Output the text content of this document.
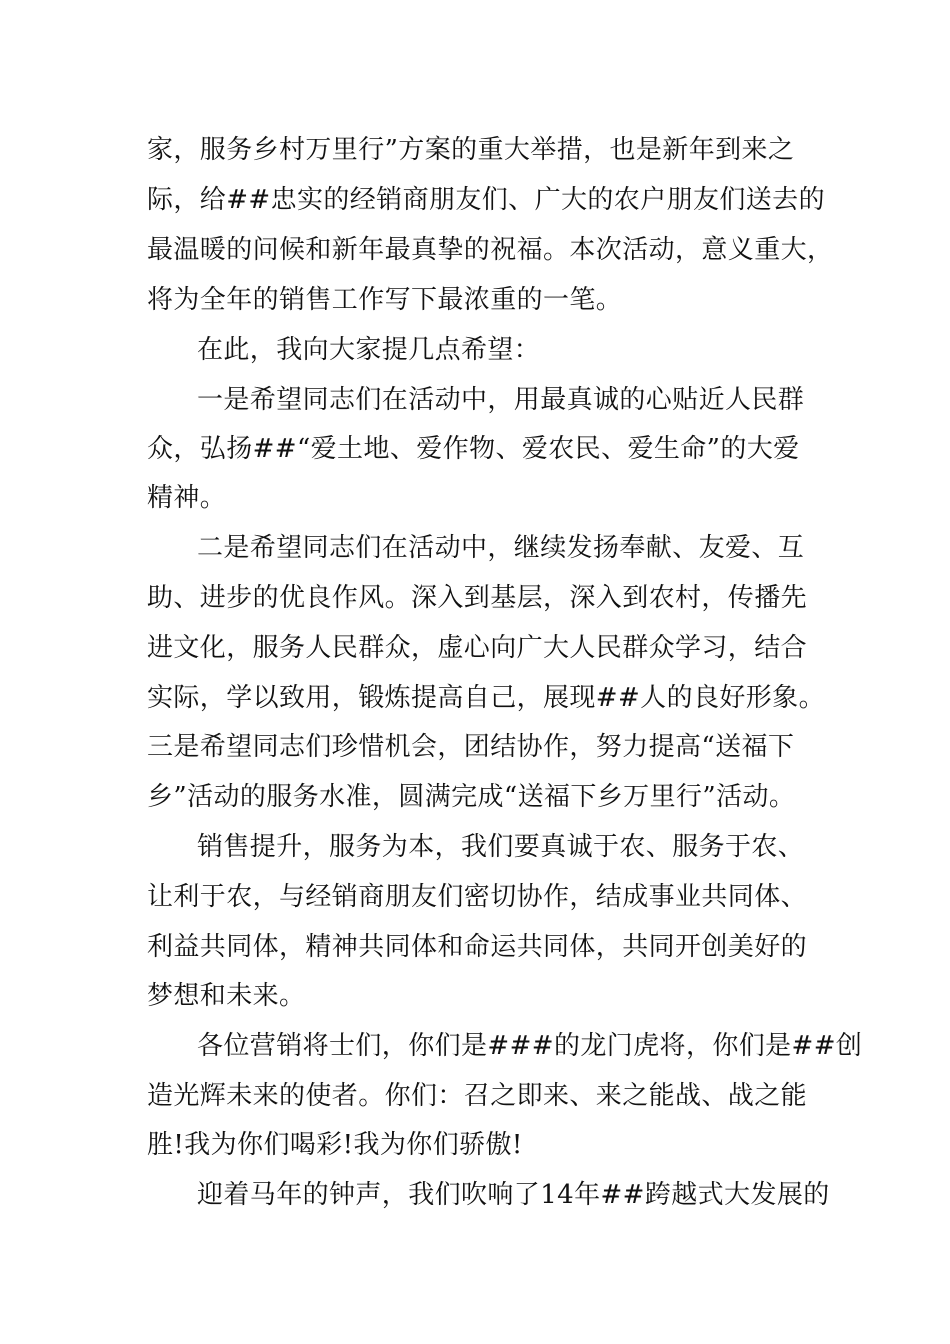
家，服务乡村万里行”方案的重大举措，也是新年到来之
际，给##忠实的经销商朋友们、广大的农户朋友们送去的
最温暖的问候和新年最真挚的祝福。本次活动，意义重大，
将为全年的销售工作写下最浓重的一笔。
在此，我向大家提几点希望：
一是希望同志们在活动中，用最真诚的心贴近人民群
众，弘扬##“爱土地、爱作物、爱农民、爱生命”的大爱
精神。
二是希望同志们在活动中，继续发扬奉献、友爱、互
助、进步的优良作风。深入到基层，深入到农村，传播先
进文化，服务人民群众，虚心向广大人民群众学习，结合
实际，学以致用，锻炼提高自己，展现##人的良好形象。
三是希望同志们珍惜机会，团结协作，努力提高“送福下
乡”活动的服务水准，圆满完成“送福下乡万里行”活动。
销售提升，服务为本，我们要真诚于农、服务于农、
让利于农，与经销商朋友们密切协作，结成事业共同体、
利益共同体，精神共同体和命运共同体，共同开创美好的
梦想和未来。
各位营销将士们，你们是###的龙门虎将，你们是##创
造光辉未来的使者。你们：召之即来、来之能战、战之能
胜!我为你们喝彩!我为你们骄傲!
迎着马年的钟声，我们吹响了14年##跨越式大发展的
